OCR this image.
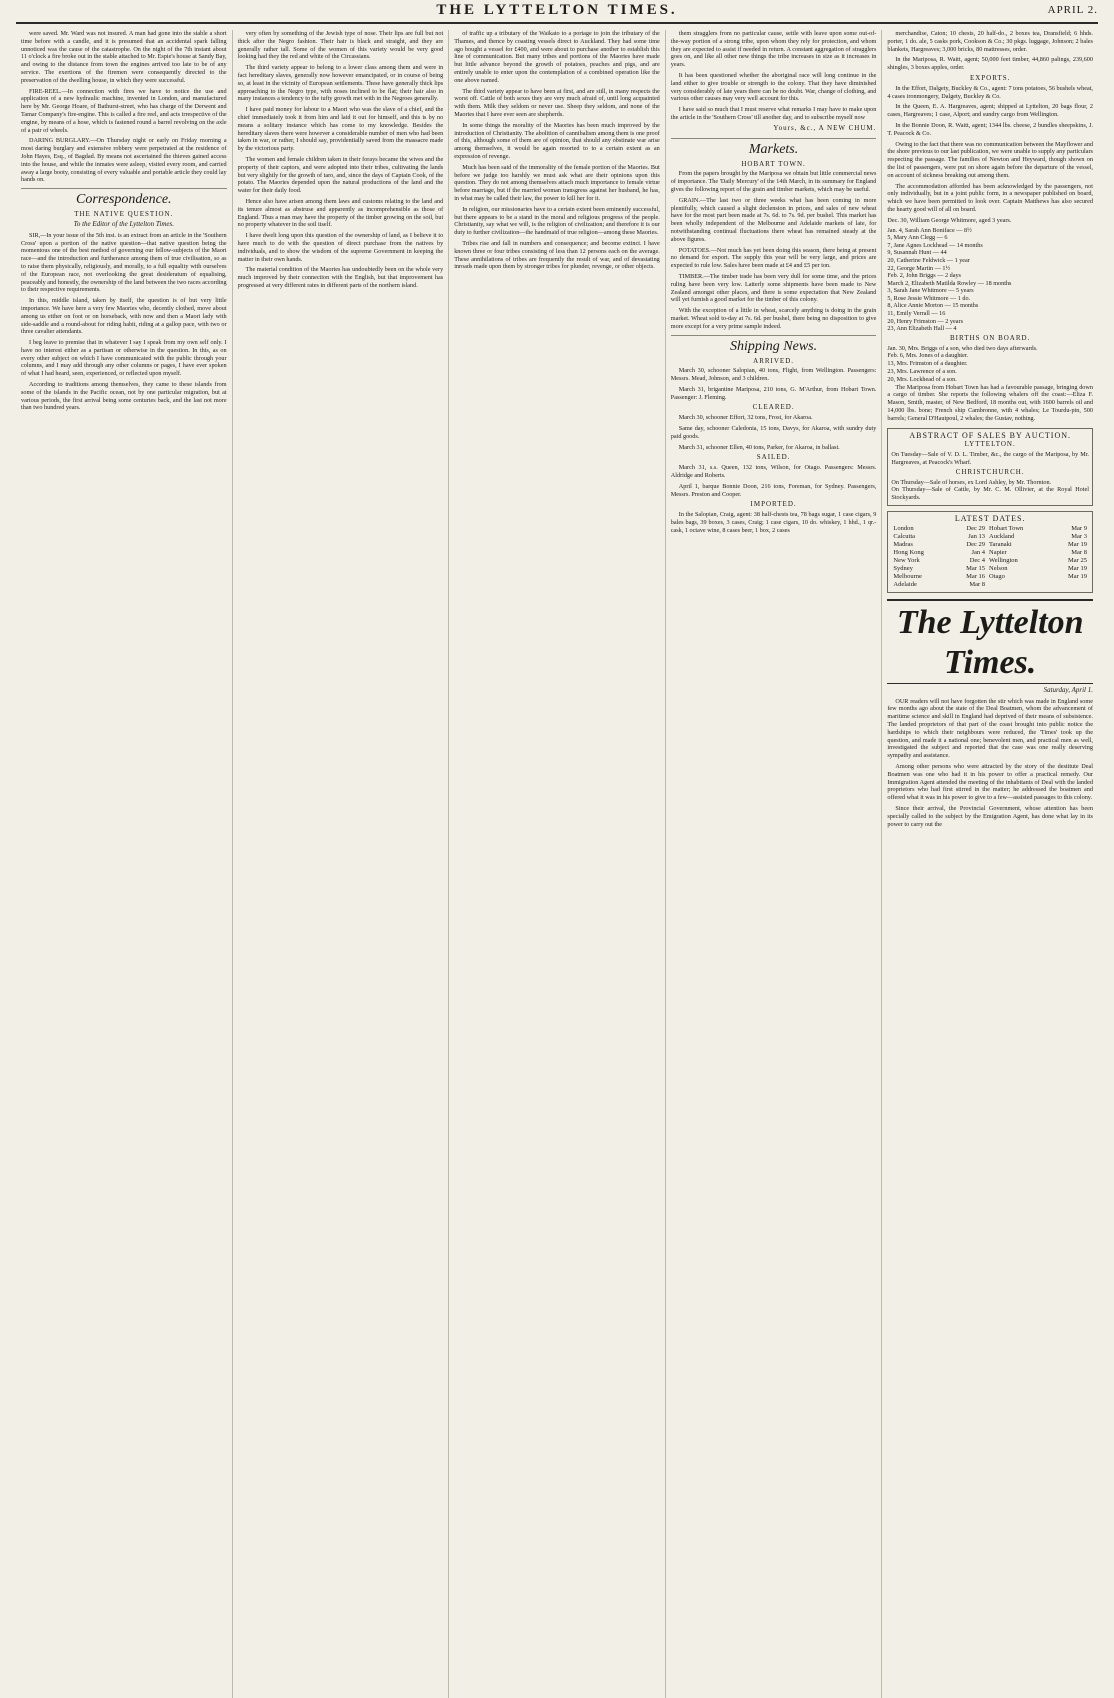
THE LYTTELTON TIMES.	APRIL 2.

were saved. Mr. Ward was not insured. A man had gone into the stable a short time before with a candle, and it is presumed that an accidental spark falling unnoticed was the cause of the catastrophe. On the night of the 7th instant about 11 o'clock a fire broke out in the stable attached to Mr. Espie's house at Sandy Bay, and owing to the distance from town the engines arrived too late to be of any service. The exertions of the firemen were consequently directed to the preservation of the dwelling house, in which they were successful.

FIRE-REEL.—In connection with fires we have to notice the use and application of a new hydraulic machine, invented in London, and manufactured here by Mr. George Hoare, of Bathurst-street, who has charge of the Derwent and Tamar Company's fire-engine. This is called a fire reel, and acts irrespective of the engine, by means of a hose, which is fastened round a barrel revolving on the axle of a pair of wheels.

DARING BURGLARY.—On Thursday night or early on Friday morning a most daring burglary and extensive robbery were perpetrated at the residence of John Hayes, Esq., of Bagdad. By means not ascertained the thieves gained access into the house, and while the inmates were asleep, visited every room, and carried away a large booty, consisting of every valuable and portable article they could lay hands on.

Correspondence.
THE NATIVE QUESTION.
To the Editor of the Lyttelton Times.

SIR,—In your issue of the 5th inst. is an extract from an article in the 'Southern Cross' upon a portion of the native question—that native question being the momentous one of the best method of governing our fellow-subjects of the Maori race—and the introduction and furtherance among them of true civilisation, so as to raise them physically, religiously, and morally, to a full equality with ourselves of the European race, not overlooking the great desideratum of equalising, peaceably and honestly, the ownership of the land between the two races according to their respective requirements.

In this, middle island, taken by itself, the question is of but very little importance. We have here a very few Maories who, decently clothed, move about among us either on foot or on horseback, with now and then a Maori lady with side-saddle and a round-about for riding habit, riding at a gallop pace, with two or three cavalier attendants.

I beg leave to premise that in whatever I say I speak from my own self only. I have no interest either as a partisan or otherwise in the question. In this, as on every other subject on which I have communicated with the public through your columns, and I may add through any other columns or pages, I have ever spoken of what I had heard, seen, experienced, or reflected upon myself.

According to traditions among themselves, they came to these islands from some of the islands in the Pacific ocean, not by one particular migration, but at various periods, the first arrival being some centuries back, and the last not more than two hundred years.

very often by something of the Jewish type of nose. Their lips are full but not thick after the Negro fashion. Their hair is black and straight, and they are generally rather tall. Some of the women of this variety would be very good looking had they the red and white of the Circassians.

The third variety appear to belong to a lower class among them and were in fact hereditary slaves, generally now however emancipated, or in course of being so, at least in the vicinity of European settlements. These have generally thick lips approaching to the Negro type, with noses inclined to be flat; their hair also in many instances a tendency to the tufty growth met with in the Negroes generally.

I have paid money for labour to a Maori who was the slave of a chief, and the chief immediately took it from him and laid it out for himself, and this is by no means a solitary instance which has come to my knowledge. Besides the hereditary slaves there were however a considerable number of men who had been taken in war, or rather, I should say, providentially saved from the massacre made by the victorious party.

The women and female children taken in their forays became the wives and the property of their captors, and were adopted into their tribes, cultivating the lands but very slightly for the growth of taro, and, since the days of Captain Cook, of the potato. The Maories depended upon the natural productions of the land and the water for their daily food.

Hence also have arisen among them laws and customs relating to the land and its tenure almost as abstruse and apparently as incomprehensible as those of England. Thus a man may have the property of the timber growing on the soil, but no property whatever in the soil itself.

I have dwelt long upon this question of the ownership of land, as I believe it to have much to do with the question of direct purchase from the natives by individuals, and to show the wisdom of the supreme Government in keeping the matter in their own hands.

The material condition of the Maories has undoubtedly been on the whole very much improved by their connection with the English, but that improvement has progressed at very different rates in different parts of the northern island.

of traffic up a tributary of the Waikato to a portage to join the tributary of the Thames, and thence by coasting vessels direct to Auckland. They had some time ago bought a vessel for £400, and were about to purchase another to establish this line of communication. But many tribes and portions of the Maories have made but little advance beyond the growth of potatoes, peaches and pigs, and are entirely unable to enter upon the contemplation of a combined operation like the one above named.

The third variety appear to have been at first, and are still, in many respects the worst off. Cattle of both sexes they are very much afraid of, until long acquainted with them. Milk they seldom or never use. Sheep they seldom, and none of the Maories that I have ever seen are shepherds.

In some things the morality of the Maories has been much improved by the introduction of Christianity. The abolition of cannibalism among them is one proof of this, although some of them are of opinion, that should any obstinate war arise among themselves, it would be again resorted to to a certain extent as an expression of revenge.

Much has been said of the immorality of the female portion of the Maories. But before we judge too harshly we must ask what are their opinions upon this question. They do not among themselves attach much importance to female virtue before marriage, but if the married woman transgress against her husband, he has, in what may be called their law, the power to kill her for it.

In religion, our missionaries have to a certain extent been eminently successful, but there appears to be a stand in the moral and religious progress of the people. Christianity, say what we will, is the religion of civilization; and therefore it is our duty to further civilization—the handmaid of true religion—among these Maories.

Tribes rise and fall in numbers and consequence; and become extinct. I have known three or four tribes consisting of less than 12 persons each on the average. These annihilations of tribes are frequently the result of war, and of devastating inroads made upon them by stronger tribes for plunder, revenge, or other objects.

them stragglers from no particular cause, settle with leave upon some out-of-the-way portion of a strong tribe, upon whom they rely for protection, and whom they are expected to assist if needed in return. A constant aggregation of stragglers goes on, and like all other new things the tribe increases in size as it increases in years.

It has been questioned whether the aboriginal race will long continue in the land either to give trouble or strength to the colony. That they have diminished very considerably of late years there can be no doubt. War, change of clothing, and various other causes may very well account for this.

I have said so much that I must reserve what remarks I may have to make upon the article in the 'Southern Cross' till another day, and to subscribe myself now

Yours, &c., A NEW CHUM.
Markets.
HOBART TOWN.

From the papers brought by the Mariposa we obtain but little commercial news of importance. The 'Daily Mercury' of the 14th March, in its summary for England gives the following report of the grain and timber markets, which may be useful.

GRAIN.—The last two or three weeks what has been coming in more plentifully, which caused a slight declension in prices, and sales of new wheat have for the most part been made at 7s. 6d. to 7s. 9d. per bushel. This market has been wholly independent of the Melbourne and Adelaide markets of late, for notwithstanding continual fluctuations there wheat has remained steady at the above figures.

POTATOES.—Not much has yet been doing this season, there being at present no demand for export. The supply this year will be very large, and prices are expected to rule low. Sales have been made at £4 and £5 per ton.

TIMBER.—The timber trade has been very dull for some time, and the prices ruling have been very low. Latterly some shipments have been made to New Zealand amongst other places, and there is some expectation that New Zealand will yet furnish a good market for the timber of this colony.

With the exception of a little in wheat, scarcely anything is doing in the grain market. Wheat sold to-day at 7s. 6d. per bushel, there being no disposition to give more except for a very prime sample indeed.

Shipping News.
ARRIVED.

March 30, schooner Salopian, 40 tons, Flight, from Wellington. Passengers: Messrs. Mead, Johnson, and 3 children.

March 31, brigantine Mariposa, 210 tons, G. M'Arthur, from Hobart Town. Passenger: J. Fleming.

CLEARED.

March 30, schooner Effort, 32 tons, Frost, for Akaroa.

Same day, schooner Caledonia, 15 tons, Davys, for Akaroa, with sundry duty paid goods.

March 31, schooner Ellen, 40 tons, Parker, for Akaroa, in ballast.

SAILED.

March 31, s.s. Queen, 132 tons, Wilson, for Otago. Passengers: Messrs. Aldridge and Roberts.

April 1, barque Bonnie Doon, 216 tons, Foreman, for Sydney. Passengers, Messrs. Preston and Cooper.

IMPORTED.

In the Salopian, Craig, agent: 38 half-chests tea, 78 bags sugar, 1 case cigars, 9 bales bags, 39 boxes, 3 cases, Craig; 1 case cigars, 10 do. whiskey, 1 hhd., 1 qr.-cask, 1 octave wine, 8 cases beer, 1 box, 2 cases

merchandise, Caton; 10 chests, 20 half-do., 2 boxes tea, Dransfield; 6 hhds. porter, 1 do. ale, 5 casks pork, Cookson & Co.; 30 pkgs. luggage, Johnson; 2 bales blankets, Hargreaves; 3,000 bricks, 80 mattresses, order.

In the Mariposa, R. Waitt, agent; 50,000 feet timber, 44,860 palings, 239,600 shingles, 3 boxes apples, order.

EXPORTS.

In the Effort, Dalgety, Buckley & Co., agent: 7 tons potatoes, 56 bushels wheat, 4 cases ironmongery, Dalgety, Buckley & Co.

In the Queen, E. A. Hargreaves, agent; shipped at Lyttelton, 20 bags flour, 2 cases, Hargreaves; 1 case, Alport; and sundry cargo from Wellington.

In the Bonnie Doon, R. Waitt, agent; 1344 lbs. cheese, 2 bundles sheepskins, J. T. Peacock & Co.

Owing to the fact that there was no communication between the Mayflower and the shore previous to our last publication, we were unable to supply any particulars respecting the passage. The families of Newton and Heyward, though shown on the list of passengers, were put on shore again before the departure of the vessel, on account of sickness breaking out among them.

The accommodation afforded has been acknowledged by the passengers, not only individually, but in a joint public form, in a newspaper published on board, which we have been permitted to look over. Captain Matthews has also secured the hearty good will of all on board.

Dec. 30, William George Whitmore, aged 3 years.
Jan. 4, Sarah Ann Boniface — 8½
5, Mary Ann Clegg — 6
7, Jane Agnes Lockhead — 14 months
9, Susannah Hunt — 44
20, Catherine Feldwick — 1 year
22, George Martin — 1½
Feb. 2, John Briggs — 2 days
March 2, Elizabeth Matilda Rowley — 18 months
3, Sarah Jane Whitmore — 5 years
5, Rose Jessie Whitmore — 1 do.
8, Alice Annie Morton — 15 months
11, Emily Verrall — 16
20, Henry Frimston — 2 years
23, Ann Elizabeth Hall — 4
BIRTHS ON BOARD.
Jan. 30, Mrs. Briggs of a son, who died two days afterwards.
Feb. 6, Mrs. Jones of a daughter.
13, Mrs. Frimston of a daughter.
23, Mrs. Lawrence of a son.
20, Mrs. Lockhead of a son.

The Mariposa from Hobart Town has had a favourable passage, bringing down a cargo of timber. She reports the following whalers off the coast:—Eliza F. Mason, Smith, master, of New Bedford, 18 months out, with 1600 barrels oil and 14,000 lbs. bone; French ship Cambronne, with 4 whales; Le Tourdu-pin, 500 barrels; General D'Hautpoul, 2 whales; the Gustav, nothing.

ABSTRACT OF SALES BY AUCTION.
LYTTELTON.
On Tuesday—Sale of V. D. L. Timber, &c., the cargo of the Mariposa, by Mr. Hargreaves, at Peacock's Wharf.
CHRISTCHURCH.
On Thursday—Sale of horses, ex Lord Ashley, by Mr. Thornton.
On Thursday—Sale of Cattle, by Mr. C. M. Ollivier, at the Royal Hotel Stockyards.
LATEST DATES.
London	Dec 29	Hobart Town	Mar 9
Calcutta	Jan 13	Auckland	Mar 3
Madras	Dec 29	Taranaki	Mar 19
Hong Kong	Jan 4	Napier	Mar 8
New York	Dec 4	Wellington	Mar 25
Sydney	Mar 15	Nelson	Mar 19
Melbourne	Mar 16	Otago	Mar 19
Adelaide	Mar 8		
The Lyttelton Times.
Saturday, April 1.

OUR readers will not have forgotten the stir which was made in England some few months ago about the state of the Deal Boatmen, whom the advancement of maritime science and skill in England had deprived of their means of subsistence. The landed proprietors of that part of the coast brought into public notice the hardships to which their neighbours were reduced, the 'Times' took up the question, and made it a national one; benevolent men, and practical men as well, investigated the subject and reported that the case was one really deserving sympathy and assistance.

Among other persons who were attracted by the story of the destitute Deal Boatmen was one who had it in his power to offer a practical remedy. Our Immigration Agent attended the meeting of the inhabitants of Deal with the landed proprietors who had first stirred in the matter; he addressed the boatmen and offered what it was in his power to give to a few—assisted passages to this colony.

Since their arrival, the Provincial Government, whose attention has been specially called to the subject by the Emigration Agent, has done what lay in its power to carry out the
